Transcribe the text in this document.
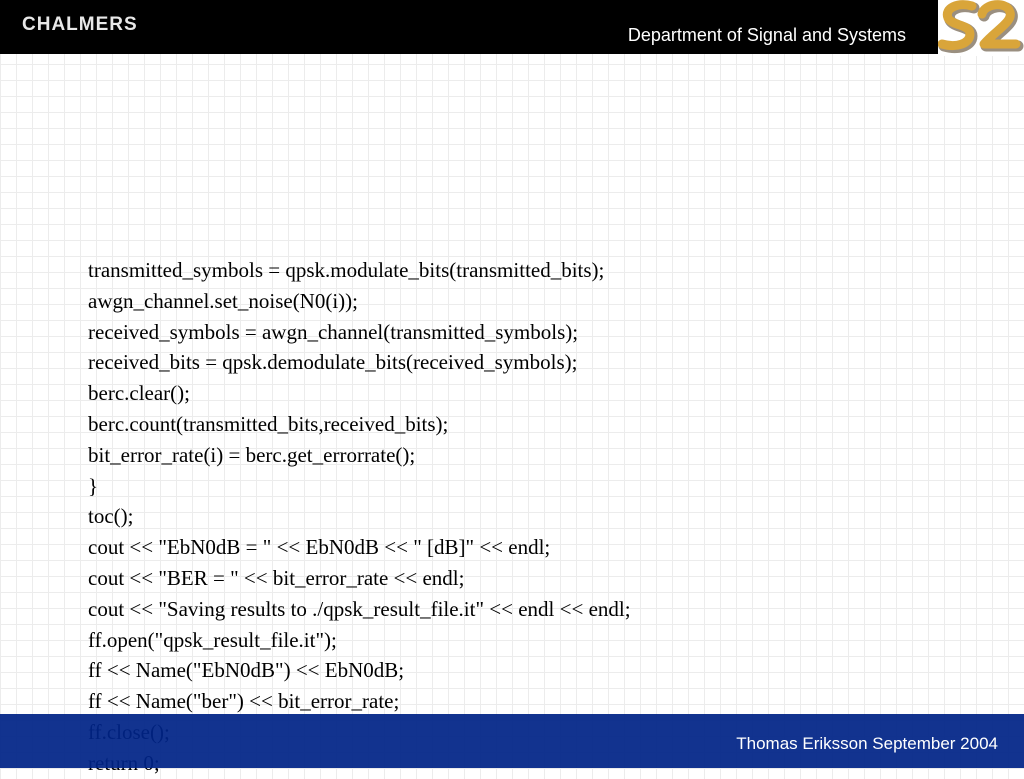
CHALMERS	Department of Signal and Systems
transmitted_symbols = qpsk.modulate_bits(transmitted_bits);
awgn_channel.set_noise(N0(i));
received_symbols = awgn_channel(transmitted_symbols);
received_bits = qpsk.demodulate_bits(received_symbols);
berc.clear();
berc.count(transmitted_bits,received_bits);
bit_error_rate(i) = berc.get_errorrate();
}
toc();
cout << "EbN0dB = " << EbN0dB << " [dB]" << endl;
cout << "BER = " << bit_error_rate << endl;
cout << "Saving results to ./qpsk_result_file.it" << endl << endl;
ff.open("qpsk_result_file.it");
ff << Name("EbN0dB") << EbN0dB;
ff << Name("ber") << bit_error_rate;
Thomas Eriksson September 2004
